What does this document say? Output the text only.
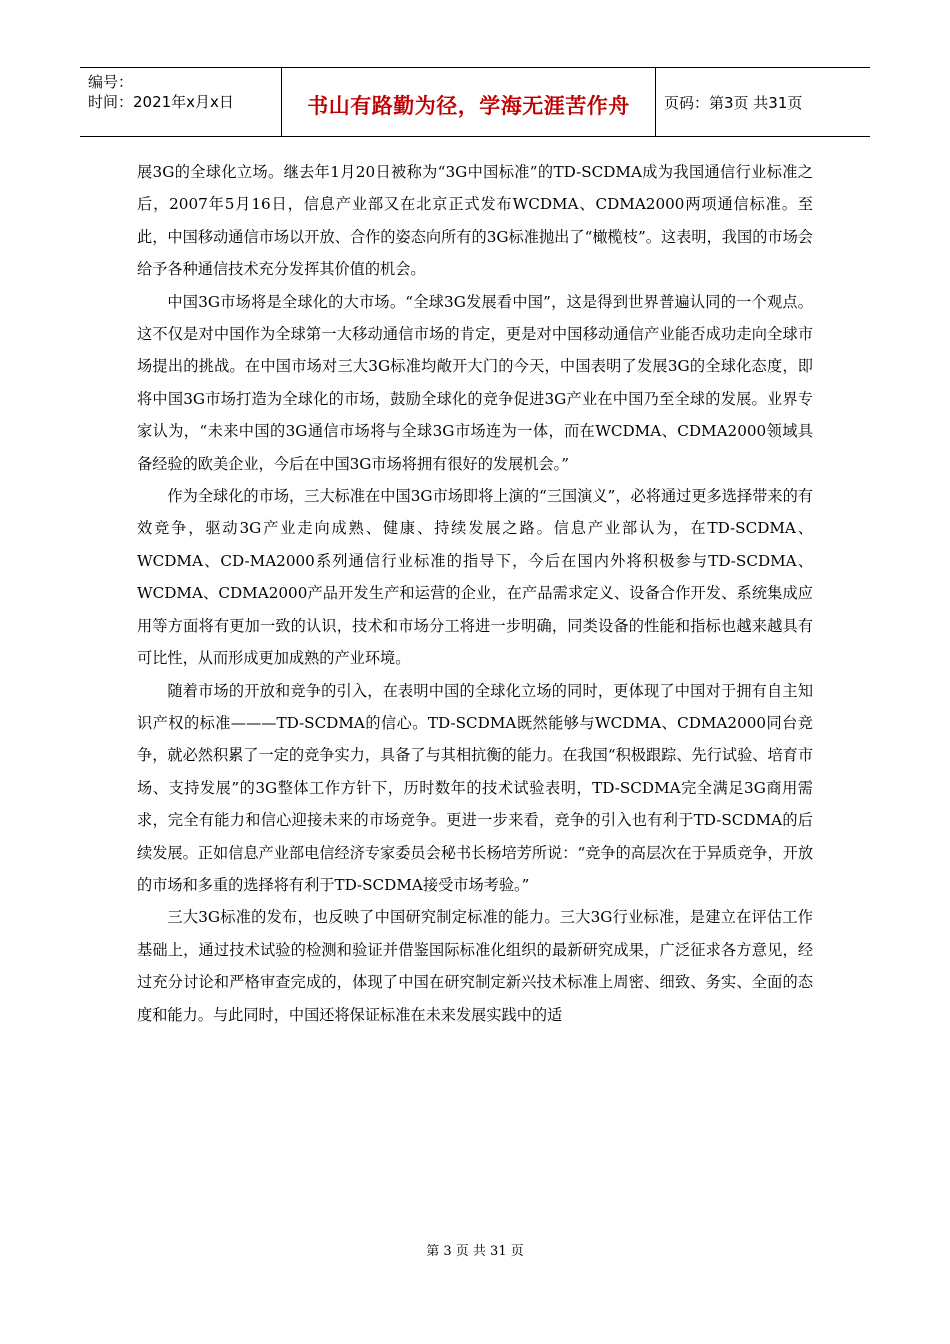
编号：
时间：2021年x月x日	书山有路勤为径，学海无涯苦作舟 页码：第3页 共31页

展3G的全球化立场。继去年1月20日被称为“3G中国标准”的TD-SCDMA成为我国通信行业标准之后，2007年5月16日，信息产业部又在北京正式发布WCDMA、CDMA2000两项通信标准。至此，中国移动通信市场以开放、合作的姿态向所有的3G标准抛出了“橄榄枝”。这表明，我国的市场会给予各种通信技术充分发挥其价值的机会。

中国3G市场将是全球化的大市场。“全球3G发展看中国”，这是得到世界普遍认同的一个观点。这不仅是对中国作为全球第一大移动通信市场的肯定，更是对中国移动通信产业能否成功走向全球市场提出的挑战。在中国市场对三大3G标准均敞开大门的今天，中国表明了发展3G的全球化态度，即将中国3G市场打造为全球化的市场，鼓励全球化的竞争促进3G产业在中国乃至全球的发展。业界专家认为，“未来中国的3G通信市场将与全球3G市场连为一体，而在WCDMA、CDMA2000领域具备经验的欧美企业，今后在中国3G市场将拥有很好的发展机会。”

作为全球化的市场，三大标准在中国3G市场即将上演的“三国演义”，必将通过更多选择带来的有效竞争，驱动3G产业走向成熟、健康、持续发展之路。信息产业部认为，在TD-SCDMA、WCDMA、CD-MA2000系列通信行业标准的指导下，今后在国内外将积极参与TD-SCDMA、WCDMA、CDMA2000产品开发生产和运营的企业，在产品需求定义、设备合作开发、系统集成应用等方面将有更加一致的认识，技术和市场分工将进一步明确，同类设备的性能和指标也越来越具有可比性，从而形成更加成熟的产业环境。

随着市场的开放和竞争的引入，在表明中国的全球化立场的同时，更体现了中国对于拥有自主知识产权的标准———TD-SCDMA的信心。TD-SCDMA既然能够与WCDMA、CDMA2000同台竞争，就必然积累了一定的竞争实力，具备了与其相抗衡的能力。在我国“积极跟踪、先行试验、培育市场、支持发展”的3G整体工作方针下，历时数年的技术试验表明，TD-SCDMA完全满足3G商用需求，完全有能力和信心迎接未来的市场竞争。更进一步来看，竞争的引入也有利于TD-SCDMA的后续发展。正如信息产业部电信经济专家委员会秘书长杨培芳所说：“竞争的高层次在于异质竞争，开放的市场和多重的选择将有利于TD-SCDMA接受市场考验。”

三大3G标准的发布，也反映了中国研究制定标准的能力。三大3G行业标准，是建立在评估工作基础上，通过技术试验的检测和验证并借鉴国际标准化组织的最新研究成果，广泛征求各方意见，经过充分讨论和严格审查完成的，体现了中国在研究制定新兴技术标准上周密、细致、务实、全面的态度和能力。与此同时，中国还将保证标准在未来发展实践中的适

第 3 页 共 31 页
